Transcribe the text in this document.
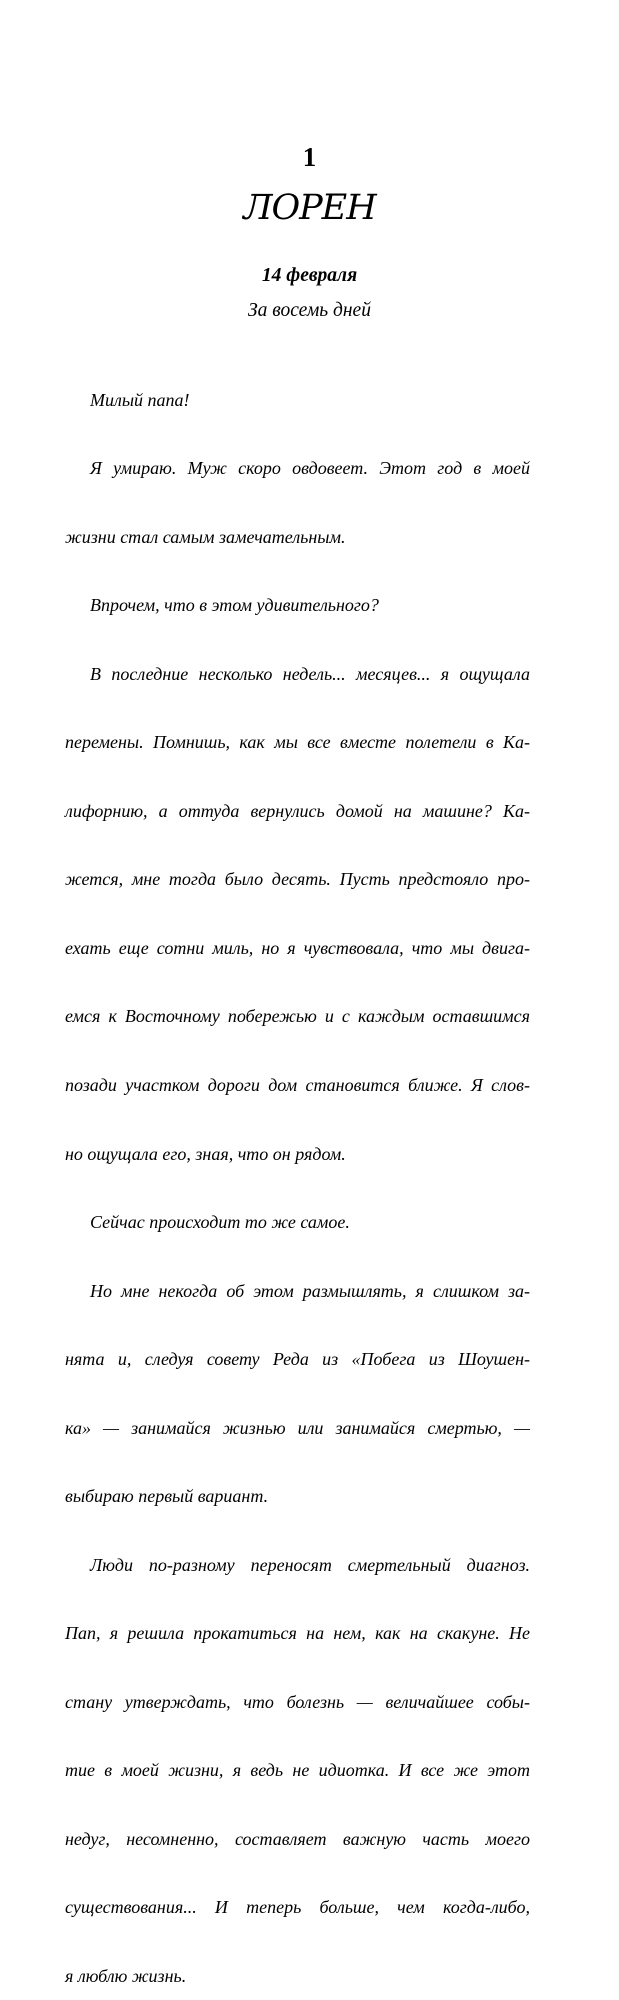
1
ЛОРЕН
14 февраля
За восемь дней

Милый папа!

Я умираю. Муж скоро овдовеет. Этот год в моей

жизни стал самым замечательным.

Впрочем, что в этом удивительного?

В последние несколько недель... месяцев... я ощущала

перемены. Помнишь, как мы все вместе полетели в Ка-

лифорнию, а оттуда вернулись домой на машине? Ка-

жется, мне тогда было десять. Пусть предстояло про-

ехать еще сотни миль, но я чувствовала, что мы двига-

емся к Восточному побережью и с каждым оставшимся

позади участком дороги дом становится ближе. Я слов-

но ощущала его, зная, что он рядом.

Сейчас происходит то же самое.

Но мне некогда об этом размышлять, я слишком за-

нята и, следуя совету Реда из «Побега из Шоушен-

ка» — занимайся жизнью или занимайся смертью, —

выбираю первый вариант.

Люди по-разному переносят смертельный диагноз.

Пап, я решила прокатиться на нем, как на скакуне. Не

стану утверждать, что болезнь — величайшее собы-

тие в моей жизни, я ведь не идиотка. И все же этот

недуг, несомненно, составляет важную часть моего

существования... И теперь больше, чем когда-либо,

я люблю жизнь.
